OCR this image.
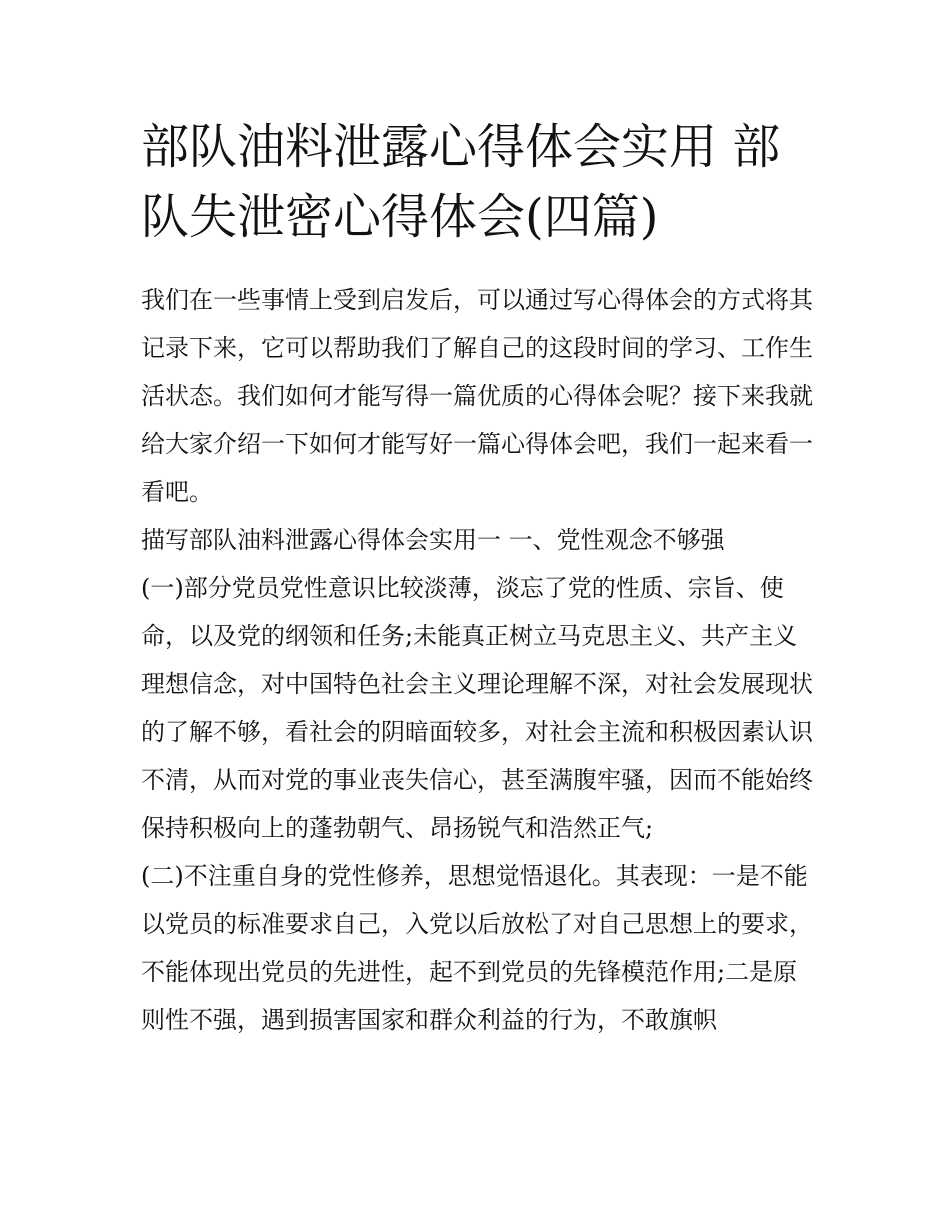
部队油料泄露心得体会实用 部队失泄密心得体会(四篇)

我们在一些事情上受到启发后，可以通过写心得体会的方式将其记录下来，它可以帮助我们了解自己的这段时间的学习、工作生活状态。我们如何才能写得一篇优质的心得体会呢？接下来我就给大家介绍一下如何才能写好一篇心得体会吧，我们一起来看一看吧。

描写部队油料泄露心得体会实用一 一、党性观念不够强

(一)部分党员党性意识比较淡薄，淡忘了党的性质、宗旨、使命，以及党的纲领和任务;未能真正树立马克思主义、共产主义理想信念，对中国特色社会主义理论理解不深，对社会发展现状的了解不够，看社会的阴暗面较多，对社会主流和积极因素认识不清，从而对党的事业丧失信心，甚至满腹牢骚，因而不能始终保持积极向上的蓬勃朝气、昂扬锐气和浩然正气;

(二)不注重自身的党性修养，思想觉悟退化。其表现：一是不能以党员的标准要求自己，入党以后放松了对自己思想上的要求，不能体现出党员的先进性，起不到党员的先锋模范作用;二是原则性不强，遇到损害国家和群众利益的行为，不敢旗帜
